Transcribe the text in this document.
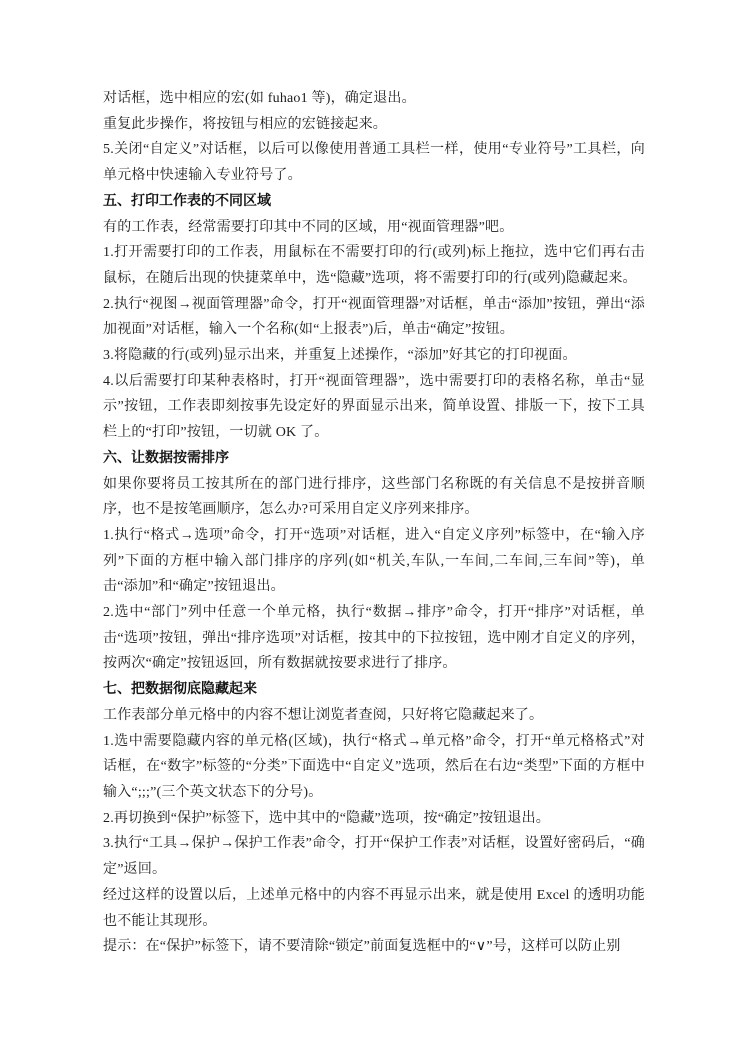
对话框，选中相应的宏(如 fuhao1 等)，确定退出。
重复此步操作，将按钮与相应的宏链接起来。
5.关闭“自定义”对话框，以后可以像使用普通工具栏一样，使用“专业符号”工具栏，向单元格中快速输入专业符号了。
五、打印工作表的不同区域
有的工作表，经常需要打印其中不同的区域，用“视面管理器”吧。
1.打开需要打印的工作表，用鼠标在不需要打印的行(或列)标上拖拉，选中它们再右击鼠标，在随后出现的快捷菜单中，选“隐藏”选项，将不需要打印的行(或列)隐藏起来。
2.执行“视图→视面管理器”命令，打开“视面管理器”对话框，单击“添加”按钮，弹出“添加视面”对话框，输入一个名称(如“上报表”)后，单击“确定”按钮。
3.将隐藏的行(或列)显示出来，并重复上述操作，“添加”好其它的打印视面。
4.以后需要打印某种表格时，打开“视面管理器”，选中需要打印的表格名称，单击“显示”按钮，工作表即刻按事先设定好的界面显示出来，简单设置、排版一下，按下工具栏上的“打印”按钮，一切就 OK 了。
六、让数据按需排序
如果你要将员工按其所在的部门进行排序，这些部门名称既的有关信息不是按拼音顺序，也不是按笔画顺序，怎么办?可采用自定义序列来排序。
1.执行“格式→选项”命令，打开“选项”对话框，进入“自定义序列”标签中，在“输入序列”下面的方框中输入部门排序的序列(如“机关,车队,一车间,二车间,三车间”等)，单击“添加”和“确定”按钮退出。
2.选中“部门”列中任意一个单元格，执行“数据→排序”命令，打开“排序”对话框，单击“选项”按钮，弹出“排序选项”对话框，按其中的下拉按钮，选中刚才自定义的序列，按两次“确定”按钮返回，所有数据就按要求进行了排序。
七、把数据彻底隐藏起来
工作表部分单元格中的内容不想让浏览者查阅，只好将它隐藏起来了。
1.选中需要隐藏内容的单元格(区域)，执行“格式→单元格”命令，打开“单元格格式”对话框，在“数字”标签的“分类”下面选中“自定义”选项，然后在右边“类型”下面的方框中输入“;;;”(三个英文状态下的分号)。
2.再切换到“保护”标签下，选中其中的“隐藏”选项，按“确定”按钮退出。
3.执行“工具→保护→保护工作表”命令，打开“保护工作表”对话框，设置好密码后，“确定”返回。
经过这样的设置以后，上述单元格中的内容不再显示出来，就是使用 Excel 的透明功能也不能让其现形。
提示：在“保护”标签下，请不要清除“锁定”前面复选框中的“∨”号，这样可以防止别
